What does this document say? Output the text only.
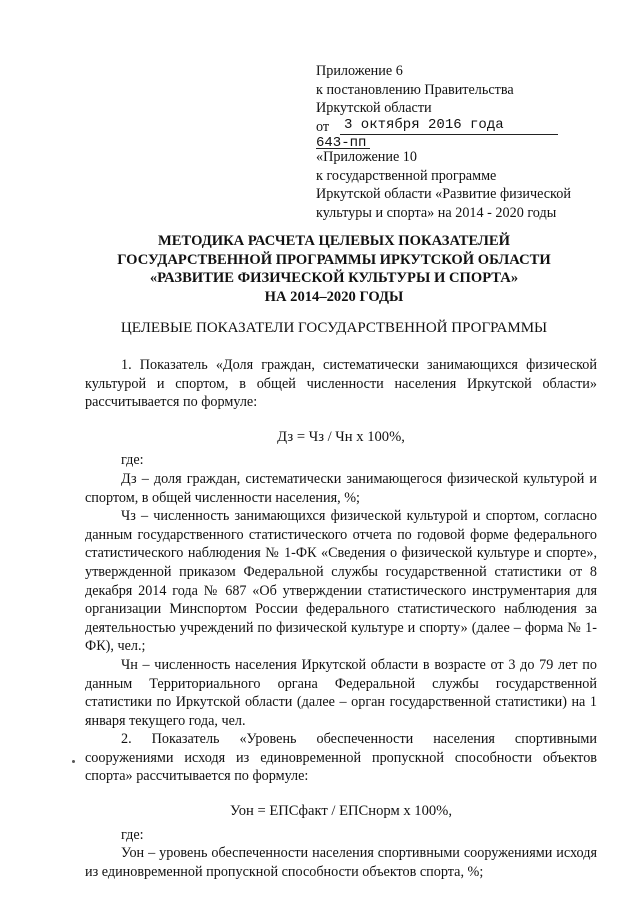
Приложение 6
к постановлению Правительства
Иркутской области
от 3 октября 2016 года
643-пп
«Приложение 10
к государственной программе
Иркутской области «Развитие физической
культуры и спорта» на 2014 - 2020 годы
МЕТОДИКА РАСЧЕТА ЦЕЛЕВЫХ ПОКАЗАТЕЛЕЙ
ГОСУДАРСТВЕННОЙ ПРОГРАММЫ ИРКУТСКОЙ ОБЛАСТИ
«РАЗВИТИЕ ФИЗИЧЕСКОЙ КУЛЬТУРЫ И СПОРТА»
НА 2014–2020 ГОДЫ
ЦЕЛЕВЫЕ ПОКАЗАТЕЛИ ГОСУДАРСТВЕННОЙ ПРОГРАММЫ
1. Показатель «Доля граждан, систематически занимающихся физической культурой и спортом, в общей численности населения Иркутской области» рассчитывается по формуле:
Дз = Чз / Чн х 100%,
где:
Дз – доля граждан, систематически занимающегося физической культурой и спортом, в общей численности населения, %;
Чз – численность занимающихся физической культурой и спортом, согласно данным государственного статистического отчета по годовой форме федерального статистического наблюдения № 1-ФК «Сведения о физической культуре и спорте», утвержденной приказом Федеральной службы государственной статистики от 8 декабря 2014 года № 687 «Об утверждении статистического инструментария для организации Минспортом России федерального статистического наблюдения за деятельностью учреждений по физической культуре и спорту» (далее – форма № 1-ФК), чел.;
Чн – численность населения Иркутской области в возрасте от 3 до 79 лет по данным Территориального органа Федеральной службы государственной статистики по Иркутской области (далее – орган государственной статистики) на 1 января текущего года, чел.
2. Показатель «Уровень обеспеченности населения спортивными сооружениями исходя из единовременной пропускной способности объектов спорта» рассчитывается по формуле:
Уон = ЕПСфакт / ЕПСнорм х 100%,
где:
Уон – уровень обеспеченности населения спортивными сооружениями исходя из единовременной пропускной способности объектов спорта, %;
